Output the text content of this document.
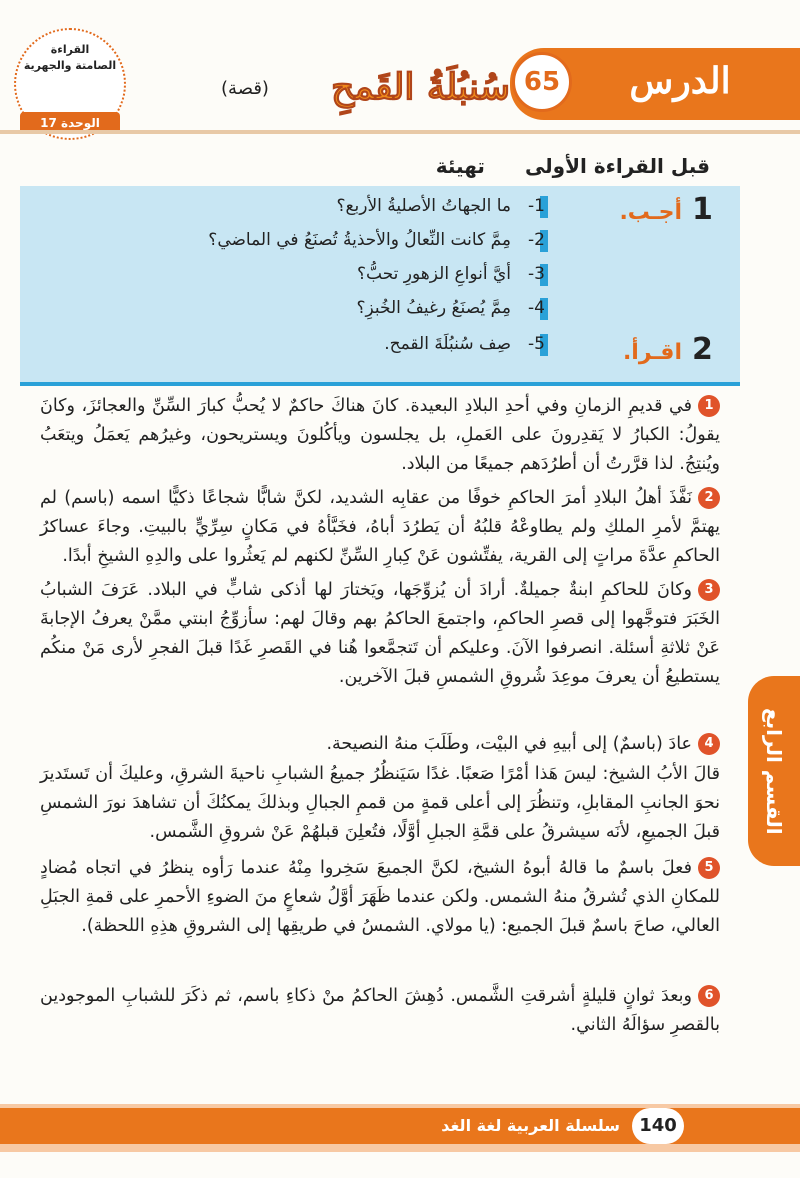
القراءة
الصامتة والجهرية
الوحدة 17
الدرس
65
سُنبُلَةُ القَمحِ
(قصة)
قبل القراءة الأولىتهيئة
1
أجـب.
2
اقـرأ.
1-ما الجهاتُ الأصليةُ الأربع؟
2-مِمَّ كانت النِّعالُ والأحذيةُ تُصنَعُ في الماضي؟
3-أيَّ أنواعِ الزهورِ تحبُّ؟
4-مِمَّ يُصنَعُ رغيفُ الخُبزِ؟
5-صِف سُنبُلَةَ القمح.
1في قديمِ الزمانِ وفي أحدِ البلادِ البعيدة. كانَ هناكَ حاكمٌ لا يُحبُّ كبارَ السِّنِّ والعجائزَ، وكانَ يقولُ: الكبارُ لا يَقدِرونَ على العَملِ، بل يجلسون ويأكُلونَ ويستريحون، وغيرُهم يَعمَلُ ويتعَبُ ويُنتِجُ. لذا قرَّرتُ أن أطرُدَهم جميعًا من البلاد.
2نَفَّذَ أهلُ البلادِ أمرَ الحاكمِ خوفًا من عقابِه الشديد، لكنَّ شابًّا شجاعًا ذكيًّا اسمه (باسم) لم يهتمَّ لأمرِ الملكِ ولم يطاوعْهُ قلبُهُ أن يَطرُدَ أباهُ، فخَبَّأهُ في مَكانٍ سِرِّيٍّ بالبيتِ. وجاءَ عساكرُ الحاكمِ عدَّةَ مراتٍ إلى القرية، يفتِّشون عَنْ كِبارِ السِّنِّ لكنهم لم يَعثُروا على والدِهِ الشيخِ أبدًا.
3وكانَ للحاكمِ ابنةٌ جميلةٌ. أرادَ أن يُزوِّجَها، ويَختارَ لها أذكى شابٍّ في البلاد. عَرَفَ الشبابُ الخَبَرَ فتوجَّهوا إلى قصرِ الحاكمِ، واجتمعَ الحاكمُ بهم وقالَ لهم: سأزوِّجُ ابنتي ممَّنْ يعرفُ الإجابةَ عَنْ ثلاثةِ أسئلة. انصرفوا الآنَ. وعليكم أن تَتجمَّعوا هُنا في القَصرِ غَدًا قبلَ الفجرِ لأرى مَنْ منكُم يستطيعُ أن يعرفَ موعِدَ شُروقِ الشمسِ قبلَ الآخرين.
4عادَ (باسمٌ) إلى أبيهِ في البيْت، وطَلَبَ منهُ النصيحة.
قالَ الأبُ الشيخ: ليسَ هَذا أمْرًا صَعبًا. غدًا سَيَنظُرُ جميعُ الشبابِ ناحيةَ الشرقِ، وعليكَ أن تَستَديرَ نحوَ الجانبِ المقابلِ، وتنظُرَ إلى أعلى قمةٍ من قممِ الجبالِ وبذلكَ يمكنُكَ أن تشاهدَ نورَ الشمسِ قبلَ الجميعِ، لأنَه سيشرقُ على قمَّةِ الجبلِ أوَّلًا، فتُعلِنَ قبلهُمْ عَنْ شروقِ الشَّمس.
5فعلَ باسمٌ ما قالهُ أبوهُ الشيخ، لكنَّ الجميعَ سَخِروا مِنْهُ عندما رَأوه ينظرُ في اتجاه مُضادٍ للمكانِ الذي تُشرقُ منهُ الشمس. ولكن عندما ظَهَرَ أوَّلُ شعاعٍ منَ الضوءِ الأحمرِ على قمةِ الجبَلِ العالي، صاحَ باسمٌ قبلَ الجميع: (يا مولاي. الشمسُ في طريقِها إلى الشروقِ هذِهِ اللحظة).
6وبعدَ ثوانٍ قليلةٍ أشرقتِ الشَّمس. دُهِشَ الحاكمُ منْ ذكاءِ باسم، ثم ذكَرَ للشبابِ الموجودين بالقصرِ سؤالَهُ الثاني.
القسم الرابع
140
سلسلة العربية لغة الغد
